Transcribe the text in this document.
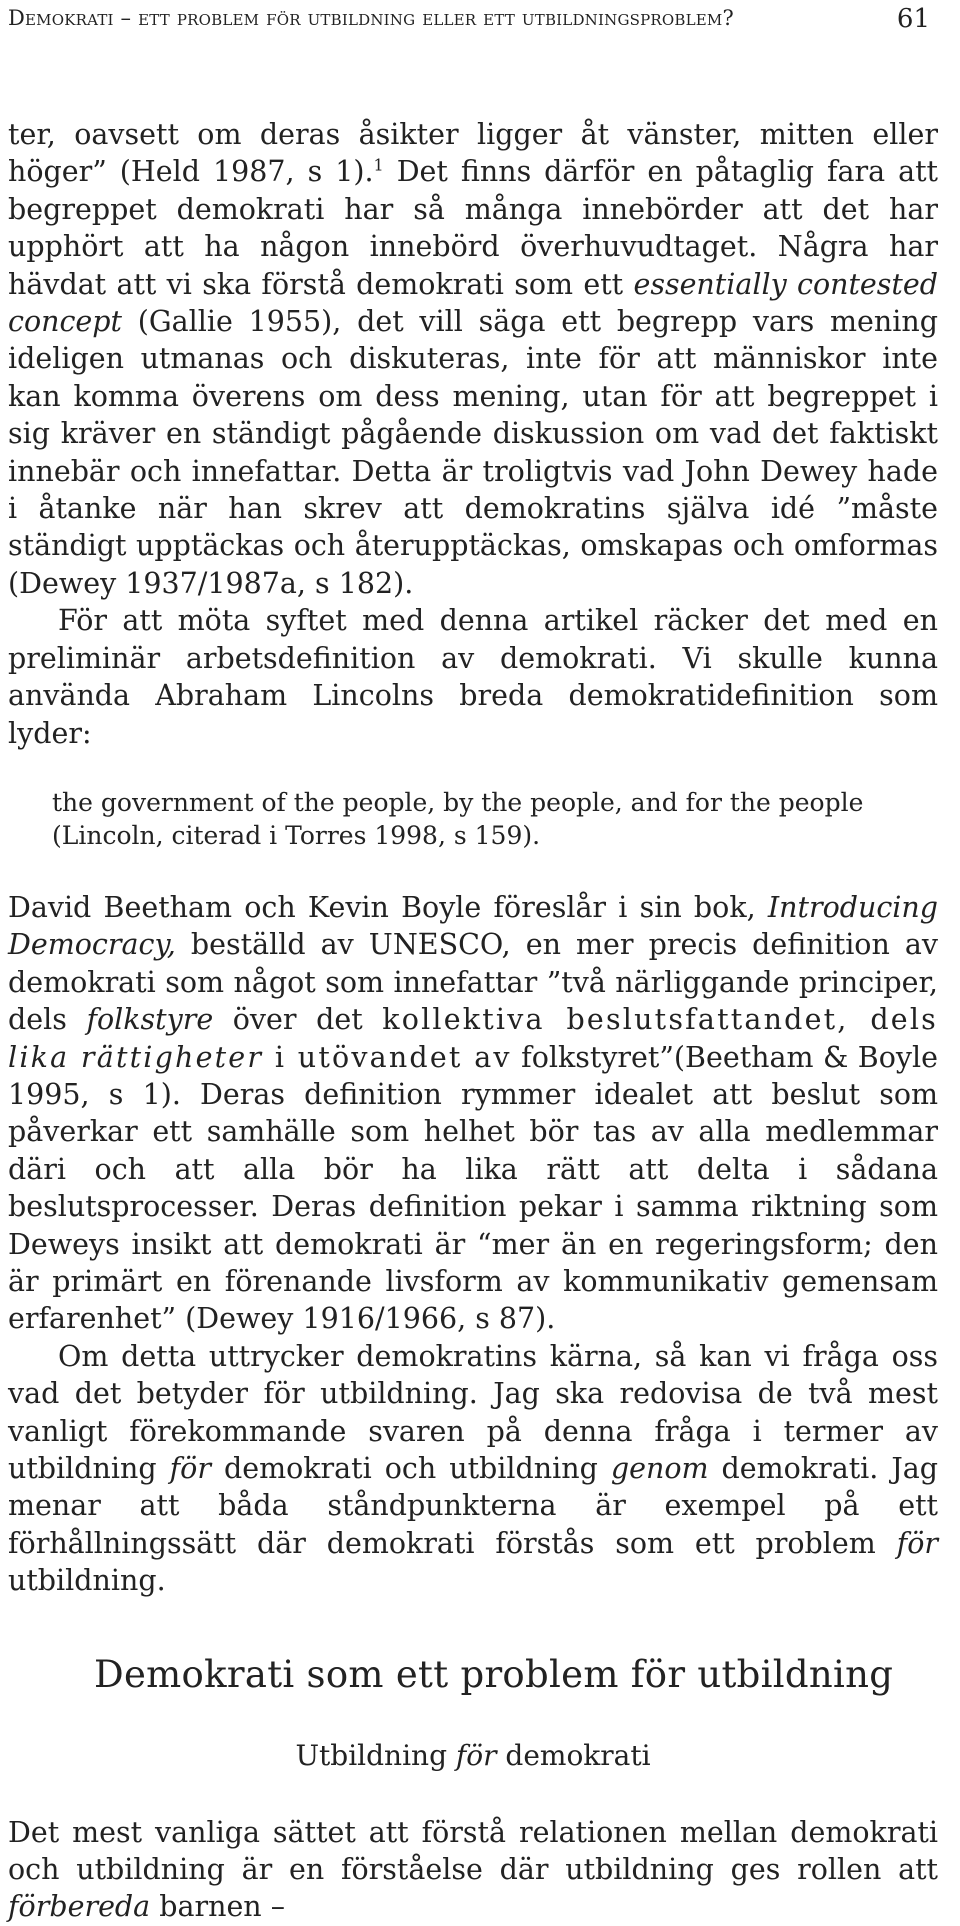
Demokrati – ett problem för utbildning eller ett utbildningsproblem?	61

ter, oavsett om deras åsikter ligger åt vänster, mitten eller höger” (Held 1987, s 1).$^1$ Det finns därför en påtaglig fara att begreppet demokrati har så många innebörder att det har upphört att ha någon innebörd överhuvudtaget. Några har hävdat att vi ska förstå demokrati som ett essentially contested concept (Gallie 1955), det vill säga ett begrepp vars mening ideligen utmanas och diskuteras, inte för att människor inte kan komma överens om dess mening, utan för att begreppet i sig kräver en ständigt pågående diskussion om vad det faktiskt innebär och innefattar. Detta är troligtvis vad John Dewey hade i åtanke när han skrev att demokratins själva idé ”måste ständigt upptäckas och återupptäckas, omskapas och omformas (Dewey 1937/1987a, s 182).

För att möta syftet med denna artikel räcker det med en preliminär arbetsdefinition av demokrati. Vi skulle kunna använda Abraham Lincolns breda demokratidefinition som lyder:

the government of the people, by the people, and for the people (Lincoln, citerad i Torres 1998, s 159).

David Beetham och Kevin Boyle föreslår i sin bok, Introducing Democracy, beställd av UNESCO, en mer precis definition av demokrati som något som innefattar ”två närliggande principer, dels folkstyre över det kollektiva beslutsfattandet, dels lika rättigheter i utövandet av folkstyret”(Beetham & Boyle 1995, s 1). Deras definition rymmer idealet att beslut som påverkar ett samhälle som helhet bör tas av alla medlemmar däri och att alla bör ha lika rätt att delta i sådana beslutsprocesser. Deras definition pekar i samma riktning som Deweys insikt att demokrati är “mer än en regeringsform; den är primärt en förenande livsform av kommunikativ gemensam erfarenhet” (Dewey 1916/1966, s 87).

Om detta uttrycker demokratins kärna, så kan vi fråga oss vad det betyder för utbildning. Jag ska redovisa de två mest vanligt förekommande svaren på denna fråga i termer av utbildning för demokrati och utbildning genom demokrati. Jag menar att båda ståndpunkterna är exempel på ett förhållningssätt där demokrati förstås som ett problem för utbildning.

Demokrati som ett problem för utbildning
Utbildning för demokrati

Det mest vanliga sättet att förstå relationen mellan demokrati och utbildning är en förståelse där utbildning ges rollen att förbereda barnen –
